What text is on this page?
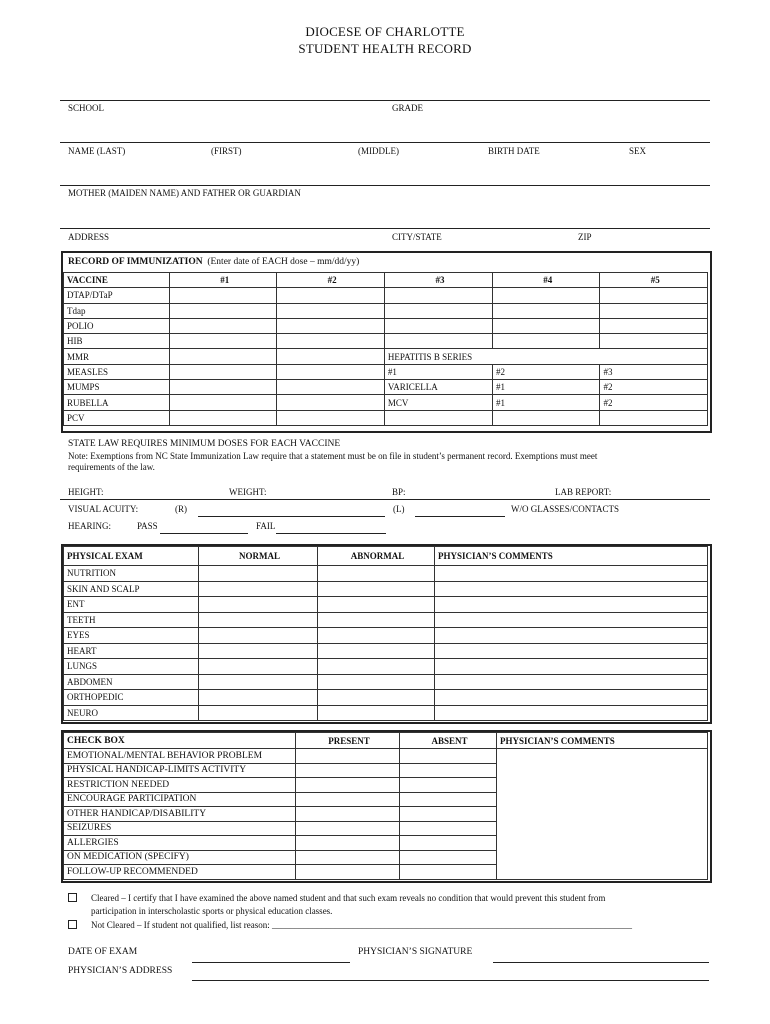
DIOCESE OF CHARLOTTE
STUDENT HEALTH RECORD
SCHOOL	GRADE
NAME (LAST)	(FIRST)	(MIDDLE)	BIRTH DATE	SEX
MOTHER (MAIDEN NAME) AND FATHER OR GUARDIAN
ADDRESS	CITY/STATE	ZIP
RECORD OF IMMUNIZATION (Enter date of EACH dose – mm/dd/yy)
VACCINE	#1	#2	#3	#4	#5
DTAP/DTaP					
Tdap					
POLIO					
HIB					
MMR			HEPATITIS B SERIES		
MEASLES			#1	#2	#3
MUMPS			VARICELLA	#1	#2
RUBELLA			MCV	#1	#2
PCV					
STATE LAW REQUIRES MINIMUM DOSES FOR EACH VACCINE
Note: Exemptions from NC State Immunization Law require that a statement must be on file in student’s permanent record. Exemptions must meet
requirements of the law.
HEIGHT:	WEIGHT:	BP:	LAB REPORT:
VISUAL ACUITY:	(R)	(L)	W/O GLASSES/CONTACTS
HEARING:	PASS	FAIL
PHYSICAL EXAM	NORMAL	ABNORMAL	PHYSICIAN’S COMMENTS
NUTRITION			
SKIN AND SCALP			
ENT			
TEETH			
EYES			
HEART			
LUNGS			
ABDOMEN			
ORTHOPEDIC			
NEURO			
CHECK BOX	PRESENT	ABSENT	PHYSICIAN’S COMMENTS
EMOTIONAL/MENTAL BEHAVIOR PROBLEM			
PHYSICAL HANDICAP-LIMITS ACTIVITY			
RESTRICTION NEEDED			
ENCOURAGE PARTICIPATION			
OTHER HANDICAP/DISABILITY			
SEIZURES			
ALLERGIES			
ON MEDICATION (SPECIFY)			
FOLLOW-UP RECOMMENDED			
Cleared – I certify that I have examined the above named student and that such exam reveals no condition that would prevent this student from
participation in interscholastic sports or physical education classes.
Not Cleared – If student not qualified, list reason: ________________________________________________________________________________
DATE OF EXAM	PHYSICIAN’S SIGNATURE
PHYSICIAN’S ADDRESS
